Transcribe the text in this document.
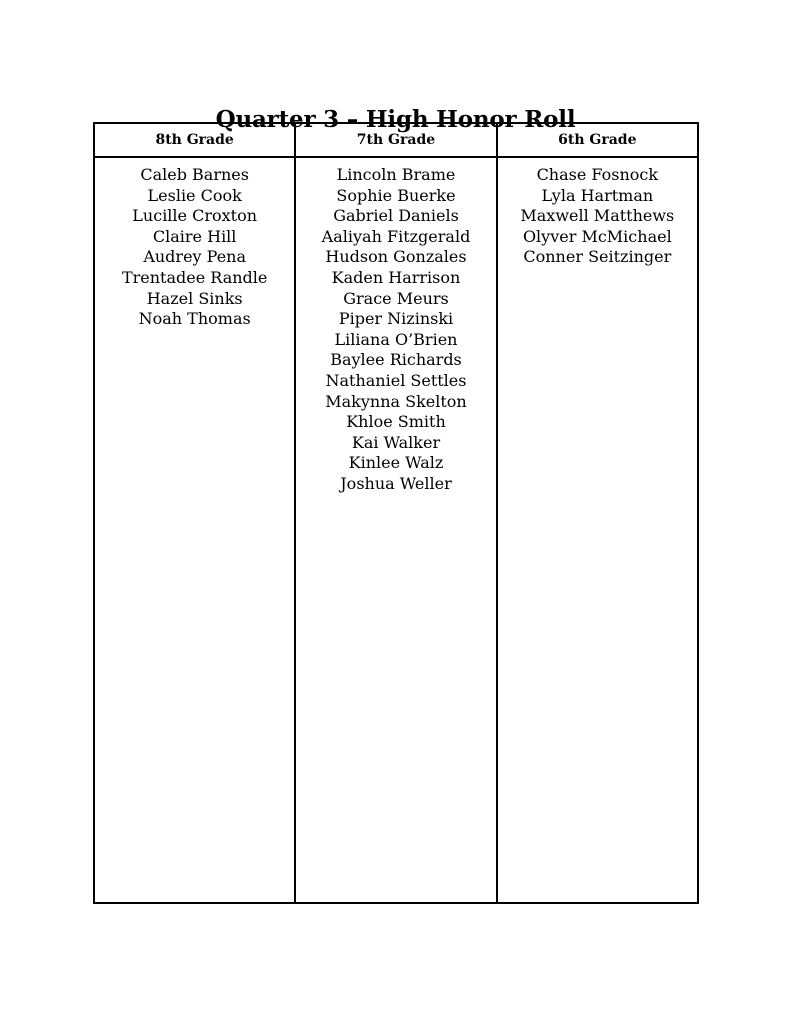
Quarter 3 – High Honor Roll
8th Grade
Caleb Barnes
Leslie Cook
Lucille Croxton
Claire Hill
Audrey Pena
Trentadee Randle
Hazel Sinks
Noah Thomas
7th Grade
Lincoln Brame
Sophie Buerke
Gabriel Daniels
Aaliyah Fitzgerald
Hudson Gonzales
Kaden Harrison
Grace Meurs
Piper Nizinski
Liliana O’Brien
Baylee Richards
Nathaniel Settles
Makynna Skelton
Khloe Smith
Kai Walker
Kinlee Walz
Joshua Weller
6th Grade
Chase Fosnock
Lyla Hartman
Maxwell Matthews
Olyver McMichael
Conner Seitzinger
